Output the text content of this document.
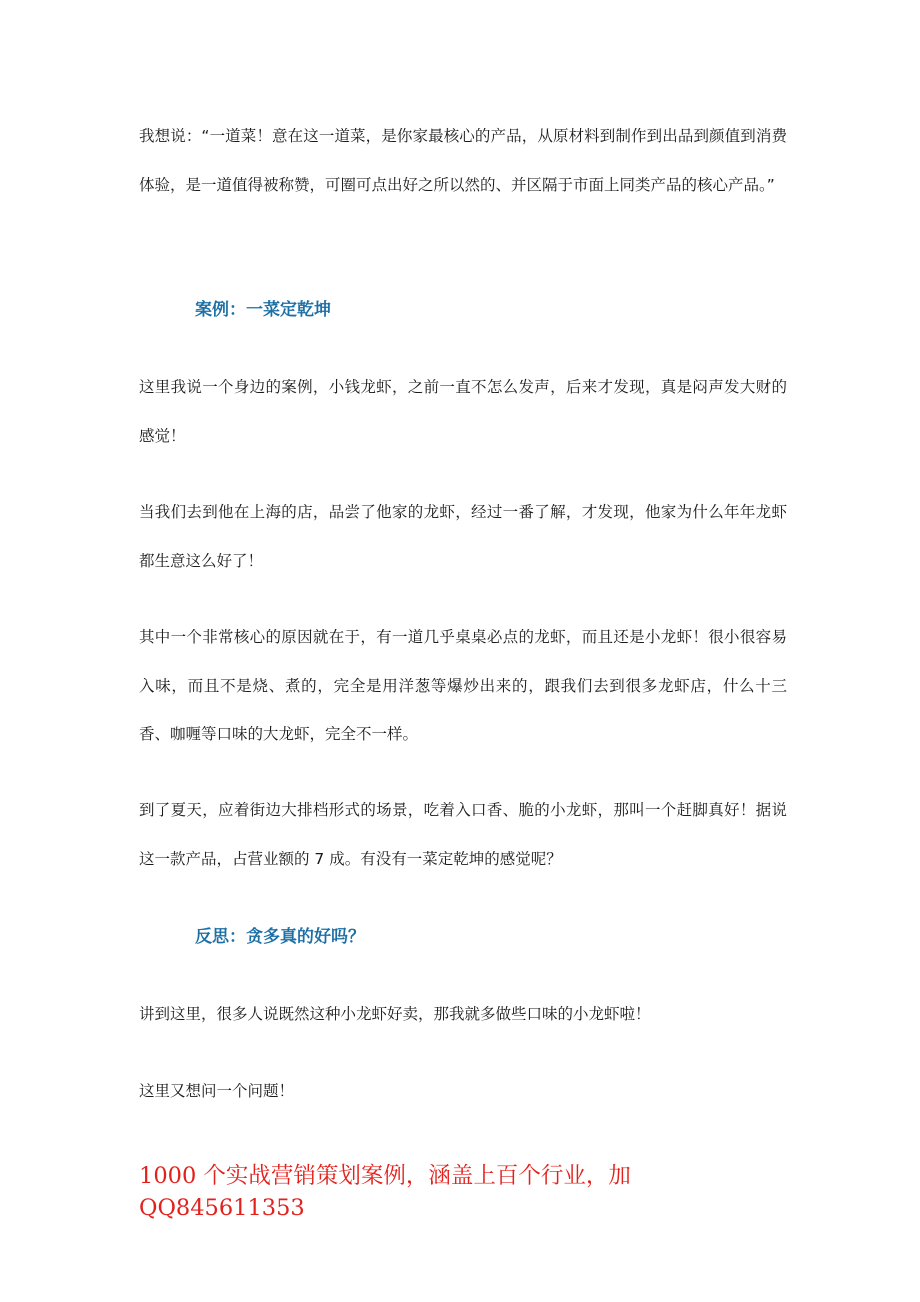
我想说：“一道菜！意在这一道菜，是你家最核心的产品，从原材料到制作到出品到颜值到消费体验，是一道值得被称赞，可圈可点出好之所以然的、并区隔于市面上同类产品的核心产品。”

案例：一菜定乾坤

这里我说一个身边的案例，小钱龙虾，之前一直不怎么发声，后来才发现，真是闷声发大财的感觉！

当我们去到他在上海的店，品尝了他家的龙虾，经过一番了解，才发现，他家为什么年年龙虾都生意这么好了！

其中一个非常核心的原因就在于，有一道几乎桌桌必点的龙虾，而且还是小龙虾！很小很容易入味，而且不是烧、煮的，完全是用洋葱等爆炒出来的，跟我们去到很多龙虾店，什么十三香、咖喱等口味的大龙虾，完全不一样。

到了夏天，应着街边大排档形式的场景，吃着入口香、脆的小龙虾，那叫一个赶脚真好！据说这一款产品，占营业额的 7 成。有没有一菜定乾坤的感觉呢？

反思：贪多真的好吗？

讲到这里，很多人说既然这种小龙虾好卖，那我就多做些口味的小龙虾啦！

这里又想问一个问题！

1000 个实战营销策划案例，涵盖上百个行业，加
QQ845611353
